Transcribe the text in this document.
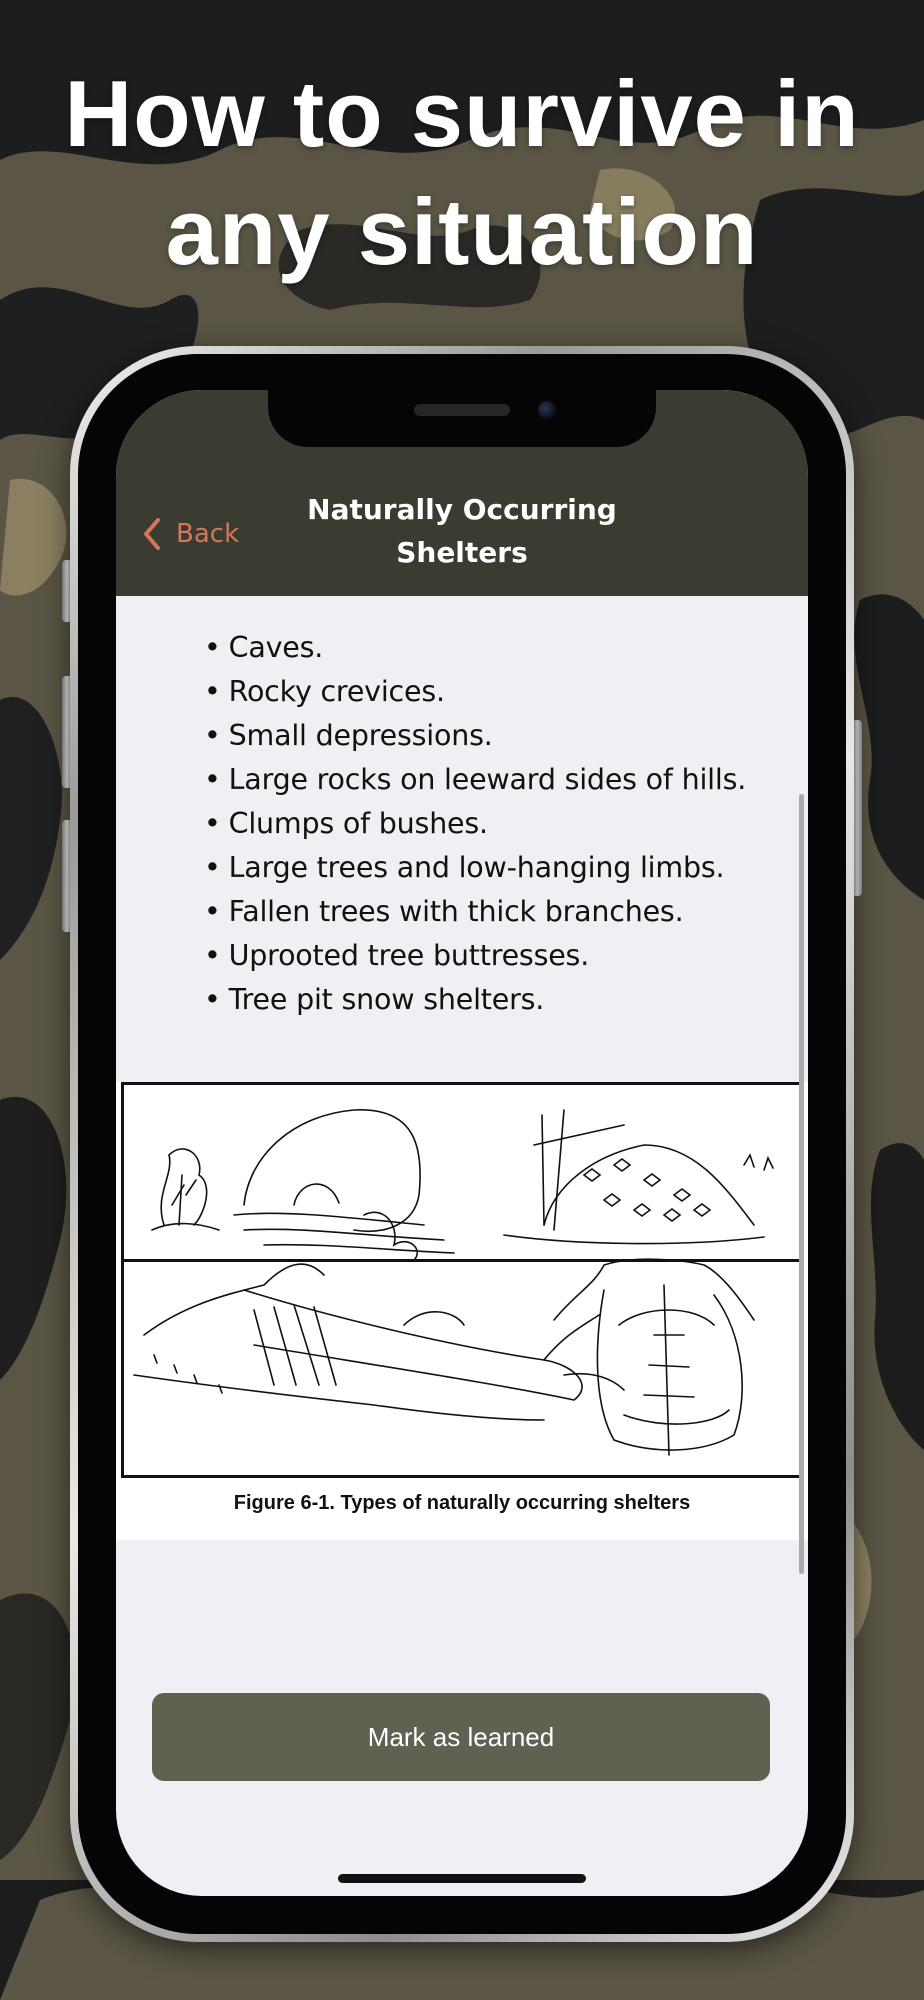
How to survive in
any situation
Back
Naturally Occurring
Shelters
• Caves.
• Rocky crevices.
• Small depressions.
• Large rocks on leeward sides of hills.
• Clumps of bushes.
• Large trees and low-hanging limbs.
• Fallen trees with thick branches.
• Uprooted tree buttresses.
• Tree pit snow shelters.

Figure 6-1. Types of naturally occurring shelters

Mark as learned
